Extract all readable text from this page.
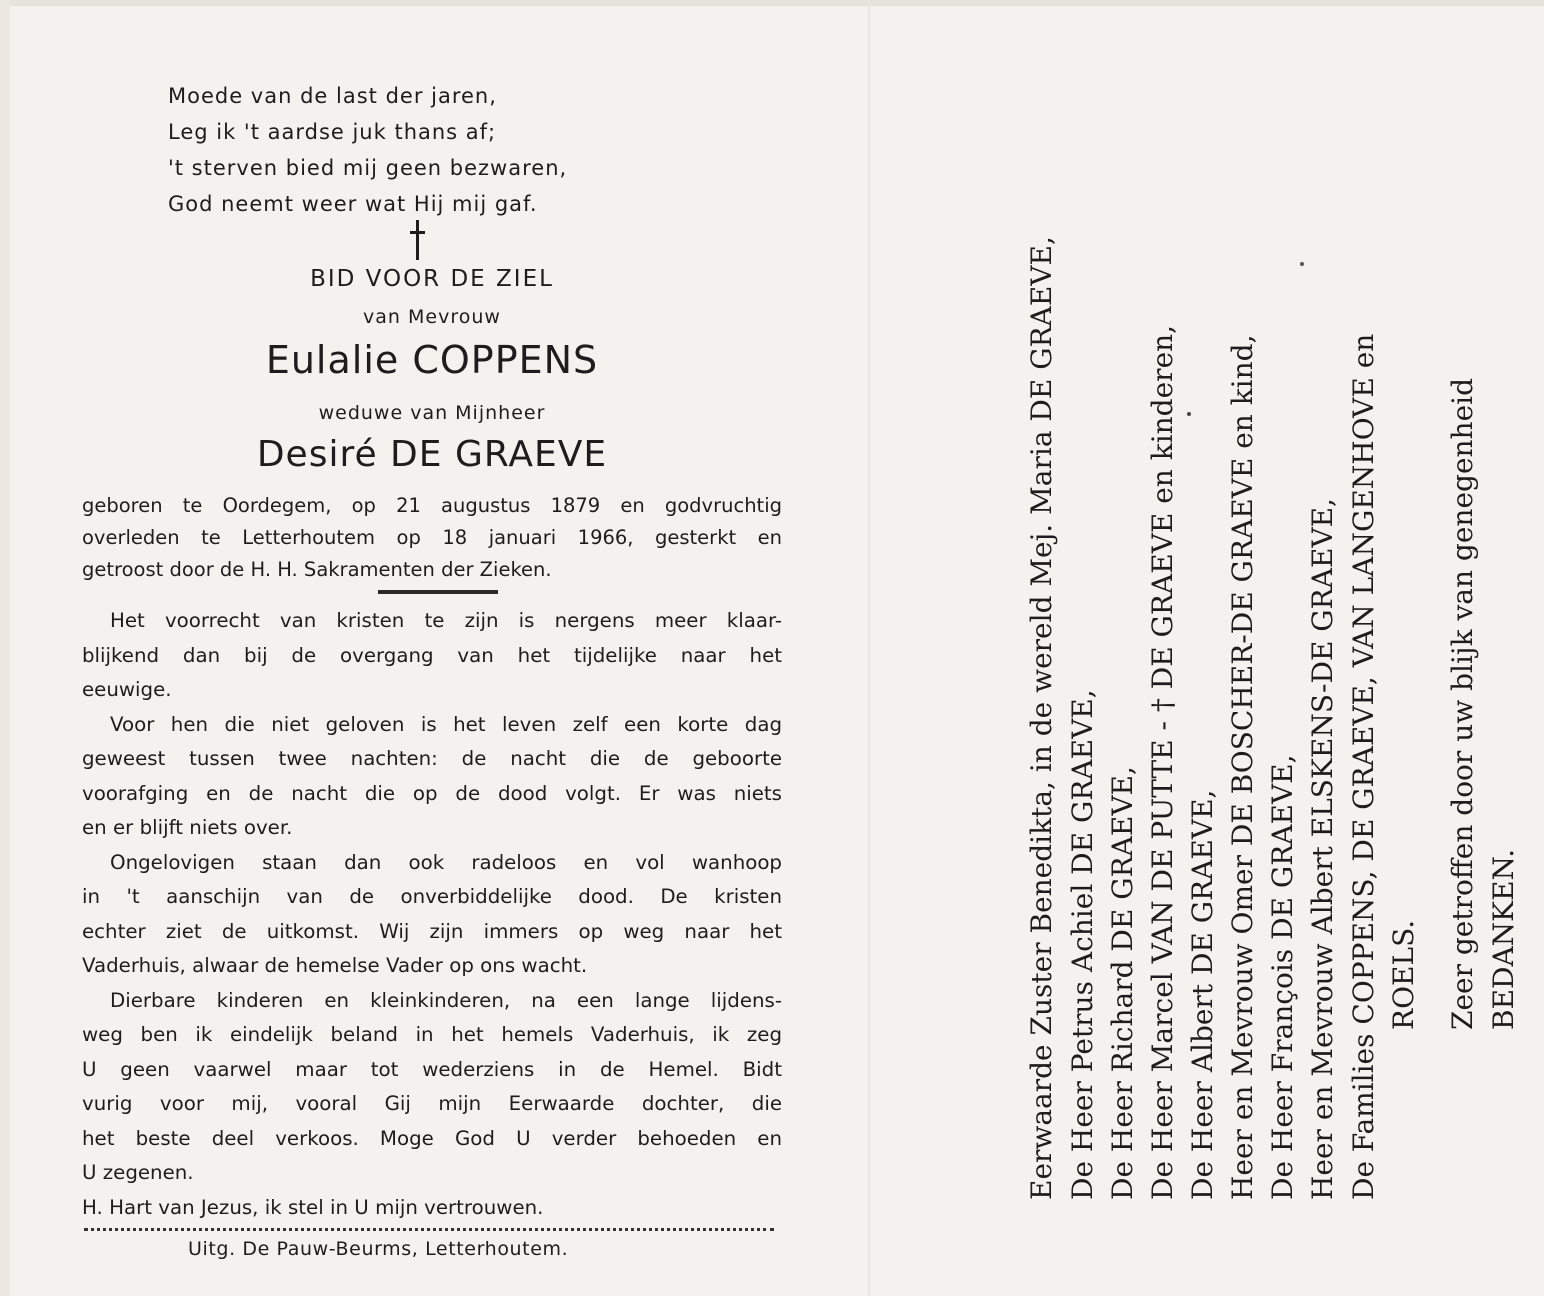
Moede van de last der jaren,
Leg ik 't aardse juk thans af;
't sterven bied mij geen bezwaren,
God neemt weer wat Hij mij gaf.
BID VOOR DE ZIEL
van Mevrouw
Eulalie COPPENS
weduwe van Mijnheer
Desiré DE GRAEVE
geboren te Oordegem, op 21 augustus 1879 en godvruchtig
overleden te Letterhoutem op 18 januari 1966, gesterkt en
getroost door de H. H. Sakramenten der Zieken.
Het voorrecht van kristen te zijn is nergens meer klaar-
blijkend dan bij de overgang van het tijdelijke naar het
eeuwige.
Voor hen die niet geloven is het leven zelf een korte dag
geweest tussen twee nachten: de nacht die de geboorte
voorafging en de nacht die op de dood volgt. Er was niets
en er blijft niets over.
Ongelovigen staan dan ook radeloos en vol wanhoop
in 't aanschijn van de onverbiddelijke dood. De kristen
echter ziet de uitkomst. Wij zijn immers op weg naar het
Vaderhuis, alwaar de hemelse Vader op ons wacht.
Dierbare kinderen en kleinkinderen, na een lange lijdens-
weg ben ik eindelijk beland in het hemels Vaderhuis, ik zeg
U geen vaarwel maar tot wederziens in de Hemel. Bidt
vurig voor mij, vooral Gij mijn Eerwaarde dochter, die
het beste deel verkoos. Moge God U verder behoeden en
U zegenen.
H. Hart van Jezus, ik stel in U mijn vertrouwen.
Uitg. De Pauw-Beurms, Letterhoutem.
Eerwaarde Zuster Benedikta, in de wereld Mej. Maria DE GRAEVE, De Heer Petrus Achiel DE GRAEVE, De Heer Richard DE GRAEVE, De Heer Marcel VAN DE PUTTE - † DE GRAEVE en kinderen, De Heer Albert DE GRAEVE, Heer en Mevrouw Omer DE BOSCHER-DE GRAEVE en kind, De Heer François DE GRAEVE, Heer en Mevrouw Albert ELSKENS-DE GRAEVE, De Families COPPENS, DE GRAEVE, VAN LANGENHOVE en ROELS. Zeer getroffen door uw blijk van genegenheid BEDANKEN.
